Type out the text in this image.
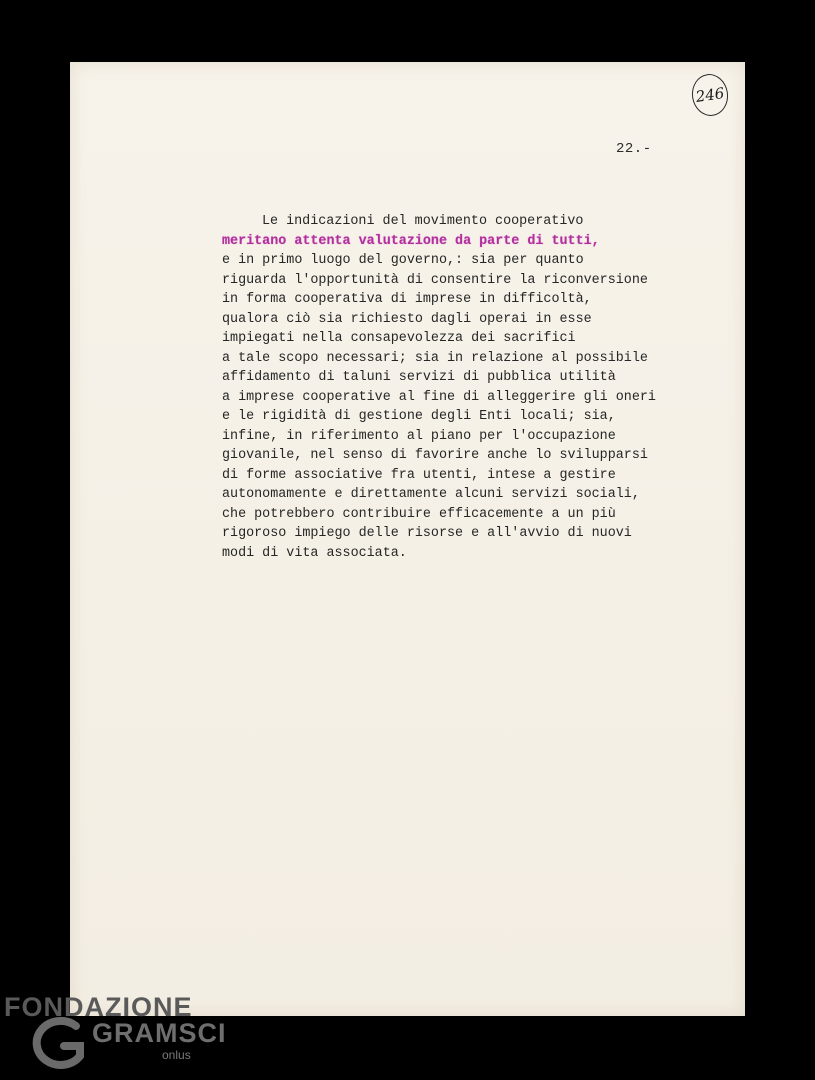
246
22.-
Le indicazioni del movimento cooperativo
meritano attenta valutazione da parte di tutti,
e in primo luogo del governo,: sia per quanto
riguarda l'opportunità di consentire la riconversione
in forma cooperativa di imprese in difficoltà,
qualora ciò sia richiesto dagli operai in esse
impiegati nella consapevolezza dei sacrifici
a tale scopo necessari; sia in relazione al possibile
affidamento di taluni servizi di pubblica utilità
a imprese cooperative al fine di alleggerire gli oneri
e le rigidità di gestione degli Enti locali; sia,
infine, in riferimento al piano per l'occupazione
giovanile, nel senso di favorire anche lo svilupparsi
di forme associative fra utenti, intese a gestire
autonomamente e direttamente alcuni servizi sociali,
che potrebbero contribuire efficacemente a un più
rigoroso impiego delle risorse e all'avvio di nuovi
modi di vita associata.
FONDAZIONE
GRAMSCI
onlus
